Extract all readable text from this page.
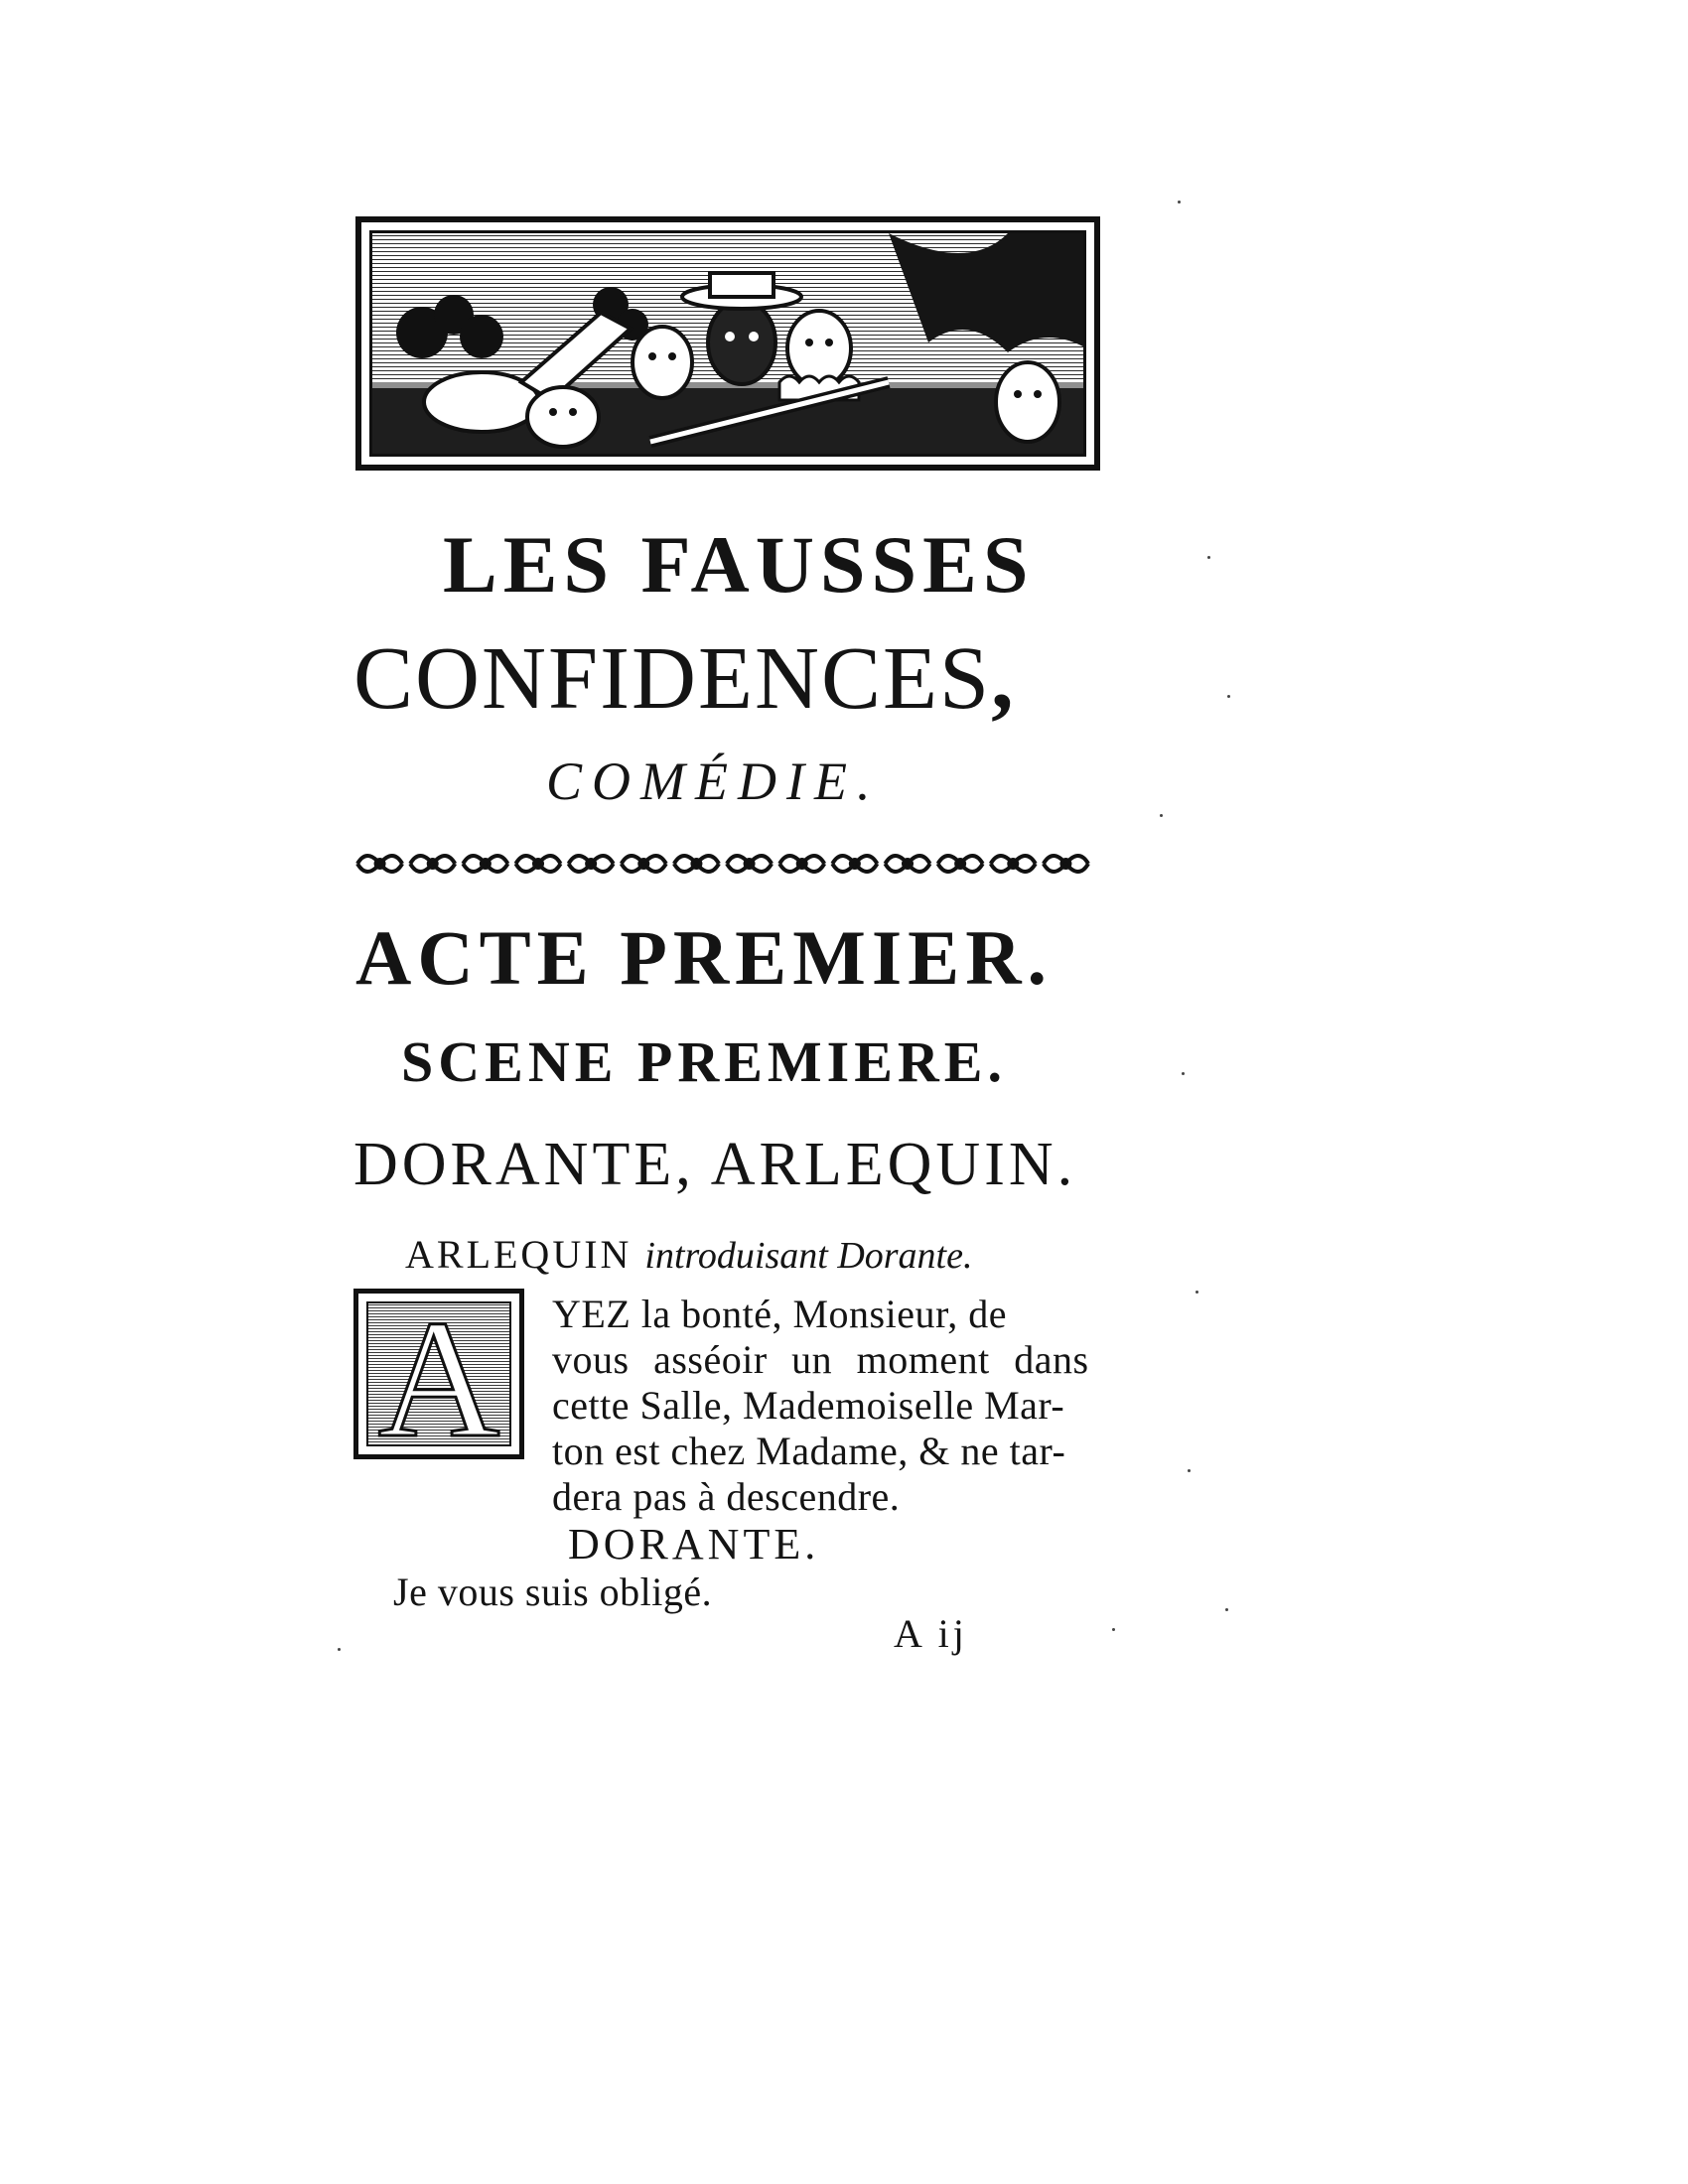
LES FAUSSES
CONFIDENCES,
COMÉDIE.
ACTE PREMIER.
SCENE PREMIERE.
DORANTE, ARLEQUIN.
ARLEQUIN introduisant Dorante.
A YEZ la bonté, Monsieur, de
vous asséoir un moment dans
cette Salle, Mademoiselle Mar-
ton est chez Madame, & ne tar-
dera pas à descendre.
DORANTE.
Je vous suis obligé.
A ij
